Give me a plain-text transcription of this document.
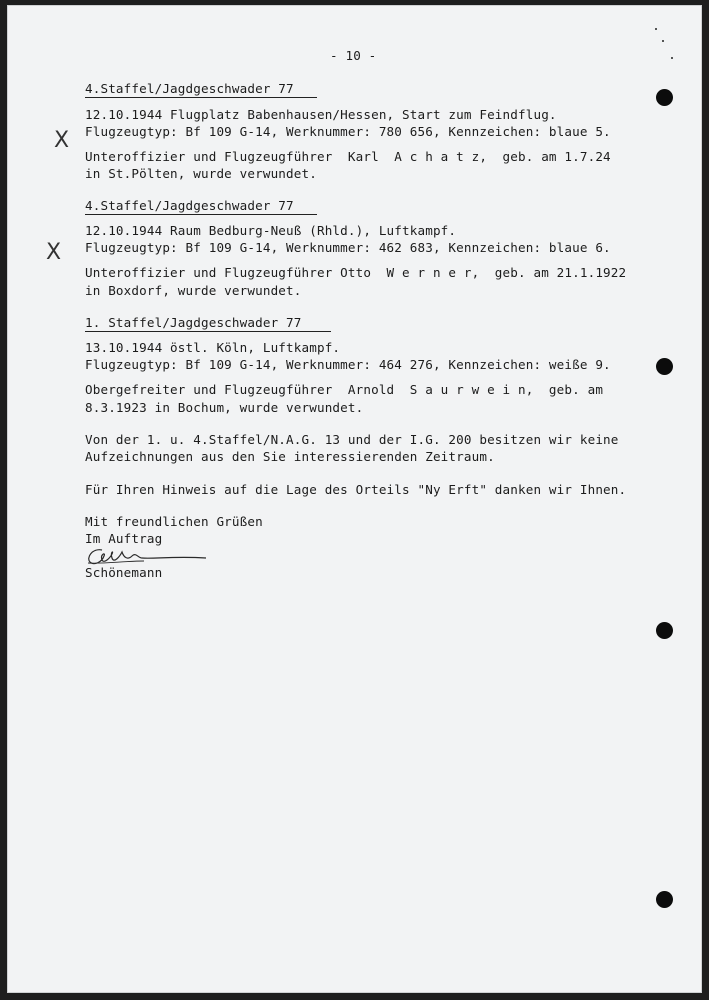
- 10 -
4.Staffel/Jagdgeschwader 77
12.10.1944 Flugplatz Babenhausen/Hessen, Start zum Feindflug.
Flugzeugtyp: Bf 109 G-14, Werknummer: 780 656, Kennzeichen: blaue 5.
Unteroffizier und Flugzeugführer  Karl  A c h a t z,  geb. am 1.7.24
in St.Pölten, wurde verwundet.
X
4.Staffel/Jagdgeschwader 77
12.10.1944 Raum Bedburg-Neuß (Rhld.), Luftkampf.
Flugzeugtyp: Bf 109 G-14, Werknummer: 462 683, Kennzeichen: blaue 6.
Unteroffizier und Flugzeugführer Otto  W e r n e r,  geb. am 21.1.1922
in Boxdorf, wurde verwundet.
X
1. Staffel/Jagdgeschwader 77
13.10.1944 östl. Köln, Luftkampf.
Flugzeugtyp: Bf 109 G-14, Werknummer: 464 276, Kennzeichen: weiße 9.
Obergefreiter und Flugzeugführer  Arnold  S a u r w e i n,  geb. am
8.3.1923 in Bochum, wurde verwundet.
Von der 1. u. 4.Staffel/N.A.G. 13 und der I.G. 200 besitzen wir keine
Aufzeichnungen aus den Sie interessierenden Zeitraum.
Für Ihren Hinweis auf die Lage des Orteils "Ny Erft" danken wir Ihnen.
Mit freundlichen Grüßen
Im Auftrag
Schönemann
